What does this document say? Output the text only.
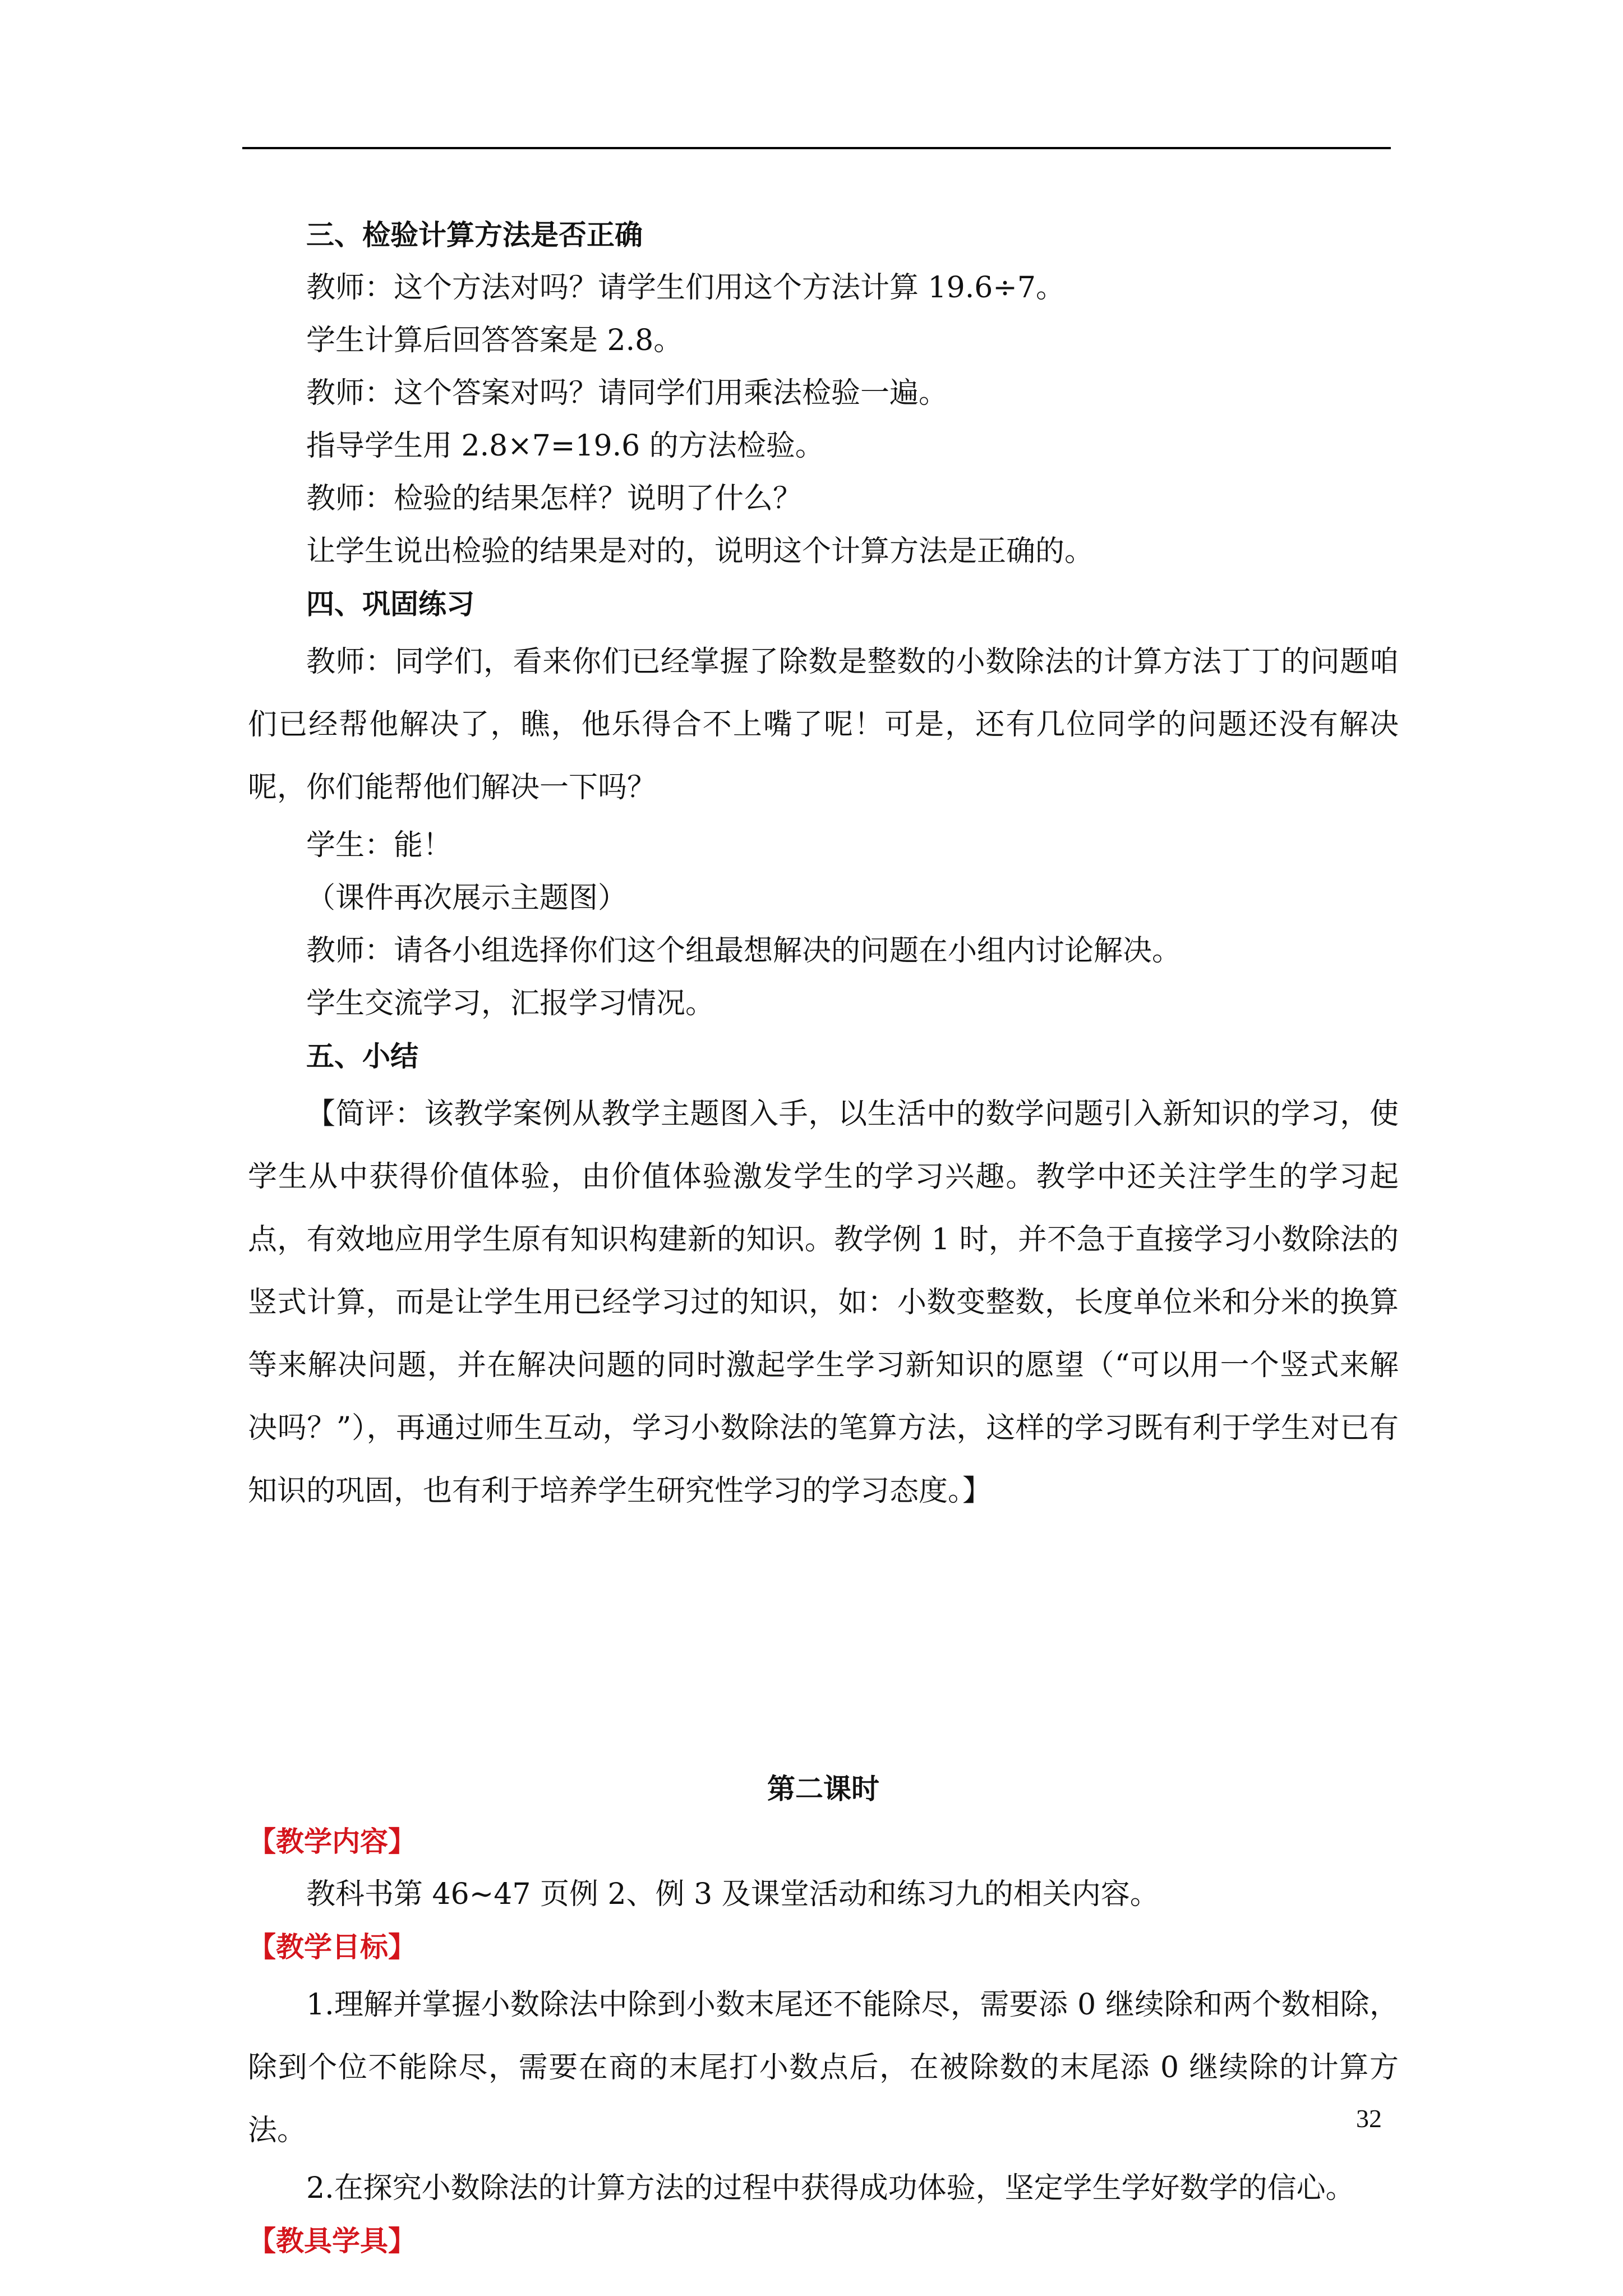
三、检验计算方法是否正确

教师：这个方法对吗？请学生们用这个方法计算 19.6÷7。

学生计算后回答答案是 2.8。

教师：这个答案对吗？请同学们用乘法检验一遍。

指导学生用 2.8×7=19.6 的方法检验。

教师：检验的结果怎样？说明了什么？

让学生说出检验的结果是对的，说明这个计算方法是正确的。

四、巩固练习

教师：同学们，看来你们已经掌握了除数是整数的小数除法的计算方法丁丁的问题咱们已经帮他解决了，瞧，他乐得合不上嘴了呢！可是，还有几位同学的问题还没有解决呢，你们能帮他们解决一下吗？

学生：能！

（课件再次展示主题图）

教师：请各小组选择你们这个组最想解决的问题在小组内讨论解决。

学生交流学习，汇报学习情况。

五、小结

【简评：该教学案例从教学主题图入手，以生活中的数学问题引入新知识的学习，使学生从中获得价值体验，由价值体验激发学生的学习兴趣。教学中还关注学生的学习起点，有效地应用学生原有知识构建新的知识。教学例 1 时，并不急于直接学习小数除法的竖式计算，而是让学生用已经学习过的知识，如：小数变整数，长度单位米和分米的换算等来解决问题，并在解决问题的同时激起学生学习新知识的愿望（“可以用一个竖式来解决吗？”），再通过师生互动，学习小数除法的笔算方法，这样的学习既有利于学生对已有知识的巩固，也有利于培养学生研究性学习的学习态度。】

第二课时

【教学内容】

教科书第 46~47 页例 2、例 3 及课堂活动和练习九的相关内容。

【教学目标】

1.理解并掌握小数除法中除到小数末尾还不能除尽，需要添 0 继续除和两个数相除，除到个位不能除尽，需要在商的末尾打小数点后，在被除数的末尾添 0 继续除的计算方法。

2.在探究小数除法的计算方法的过程中获得成功体验，坚定学生学好数学的信心。

【教具学具】

32
